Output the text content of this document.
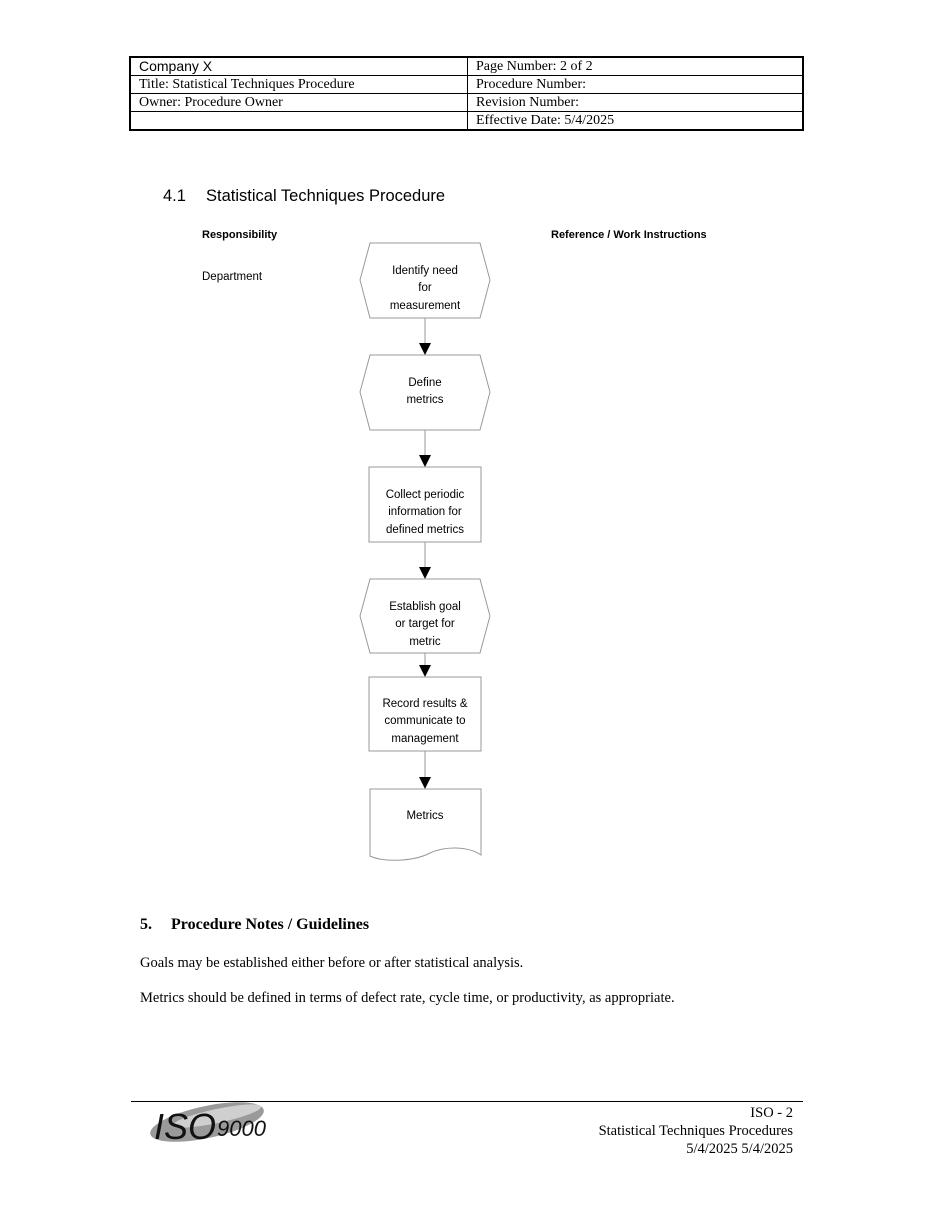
Company X	Page Number: 2 of 2
Title: Statistical Techniques Procedure	Procedure Number:
Owner: Procedure Owner	Revision Number:
	Effective Date: 5/4/2025
4.1 Statistical Techniques Procedure
Responsibility	Reference / Work Instructions
Department
Identify need
for
measurement
Define
metrics
Collect periodic
information for
defined metrics
Establish goal
or target for
metric
Record results &
communicate to
management
Metrics
5. Procedure Notes / Guidelines
Goals may be established either before or after statistical analysis.
Metrics should be defined in terms of defect rate, cycle time, or productivity, as appropriate.
ISO 9000
ISO - 2
Statistical Techniques Procedures
5/4/2025 5/4/2025
